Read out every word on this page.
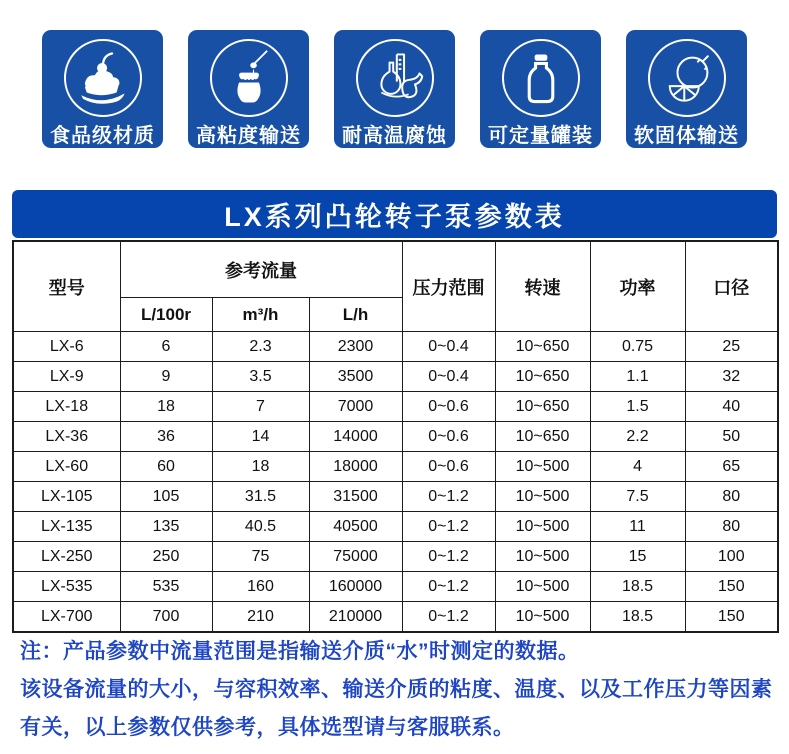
食品级材质 高粘度输送 耐高温腐蚀 可定量罐装 软固体输送
LX系列凸轮转子泵参数表
型号	参考流量			压力范围	转速	功率	口径
	L/100r	m³/h	L/h				
LX-6	6	2.3	2300	0~0.4	10~650	0.75	25
LX-9	9	3.5	3500	0~0.4	10~650	1.1	32
LX-18	18	7	7000	0~0.6	10~650	1.5	40
LX-36	36	14	14000	0~0.6	10~650	2.2	50
LX-60	60	18	18000	0~0.6	10~500	4	65
LX-105	105	31.5	31500	0~1.2	10~500	7.5	80
LX-135	135	40.5	40500	0~1.2	10~500	11	80
LX-250	250	75	75000	0~1.2	10~500	15	100
LX-535	535	160	160000	0~1.2	10~500	18.5	150
LX-700	700	210	210000	0~1.2	10~500	18.5	150
注：产品参数中流量范围是指输送介质“水”时测定的数据。
该设备流量的大小，与容积效率、输送介质的粘度、温度、以及工作压力等因素有关，以上参数仅供参考，具体选型请与客服联系。
